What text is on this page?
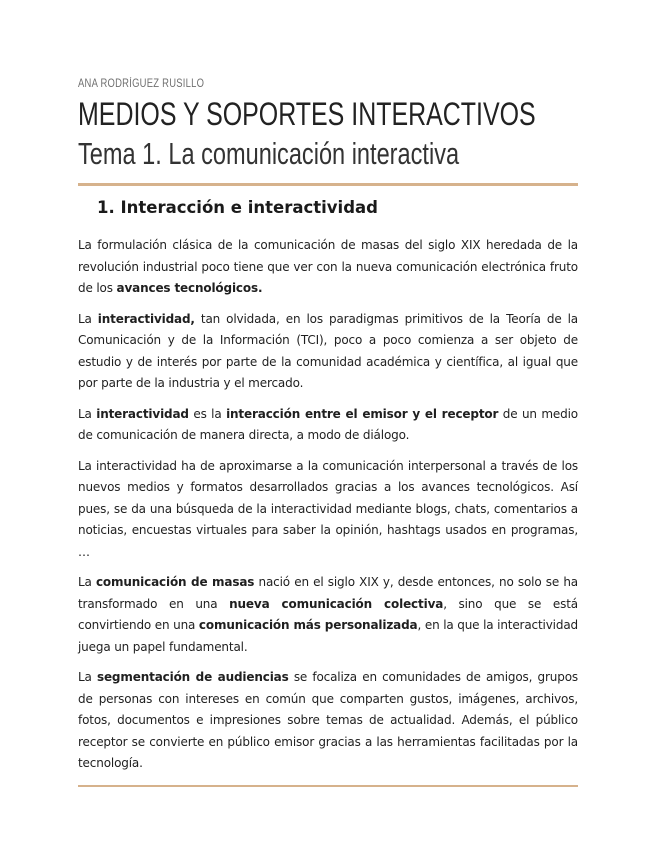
ANA RODRÍGUEZ RUSILLO
MEDIOS Y SOPORTES INTERACTIVOS
Tema 1. La comunicación interactiva
1. Interacción e interactividad

La formulación clásica de la comunicación de masas del siglo XIX heredada de la revolución industrial poco tiene que ver con la nueva comunicación electrónica fruto de los avances tecnológicos.

La interactividad, tan olvidada, en los paradigmas primitivos de la Teoría de la Comunicación y de la Información (TCI), poco a poco comienza a ser objeto de estudio y de interés por parte de la comunidad académica y científica, al igual que por parte de la industria y el mercado.

La interactividad es la interacción entre el emisor y el receptor de un medio de comunicación de manera directa, a modo de diálogo.

La interactividad ha de aproximarse a la comunicación interpersonal a través de los nuevos medios y formatos desarrollados gracias a los avances tecnológicos. Así pues, se da una búsqueda de la interactividad mediante blogs, chats, comentarios a noticias, encuestas virtuales para saber la opinión, hashtags usados en programas, …

La comunicación de masas nació en el siglo XIX y, desde entonces, no solo se ha transformado en una nueva comunicación colectiva, sino que se está convirtiendo en una comunicación más personalizada, en la que la interactividad juega un papel fundamental.

La segmentación de audiencias se focaliza en comunidades de amigos, grupos de personas con intereses en común que comparten gustos, imágenes, archivos, fotos, documentos e impresiones sobre temas de actualidad. Además, el público receptor se convierte en público emisor gracias a las herramientas facilitadas por la tecnología.
